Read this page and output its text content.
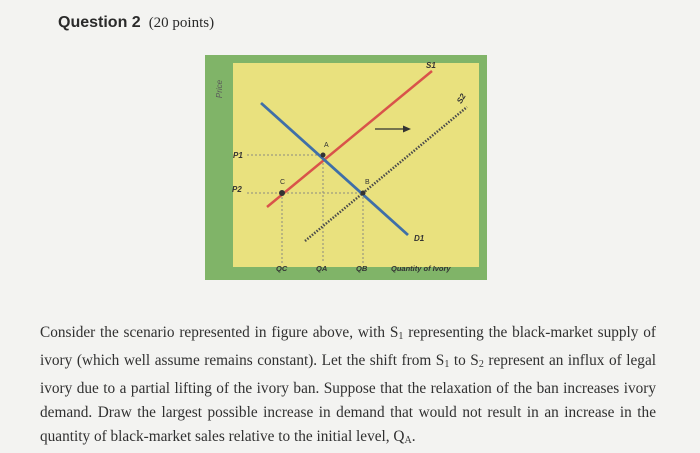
Question 2 (20 points)
Price
A
B
C
P1
P2
S1
S2
D1
QC	QA	QB	Quantity of Ivory

Consider the scenario represented in figure above, with $S_1$ representing the black-market supply of ivory (which well assume remains constant). Let the shift from $S_1$ to $S_2$ represent an influx of legal ivory due to a partial lifting of the ivory ban. Suppose that the relaxation of the ban increases ivory demand. Draw the largest possible increase in demand that would not result in an increase in the quantity of black-market sales relative to the initial level, $Q_A$.
